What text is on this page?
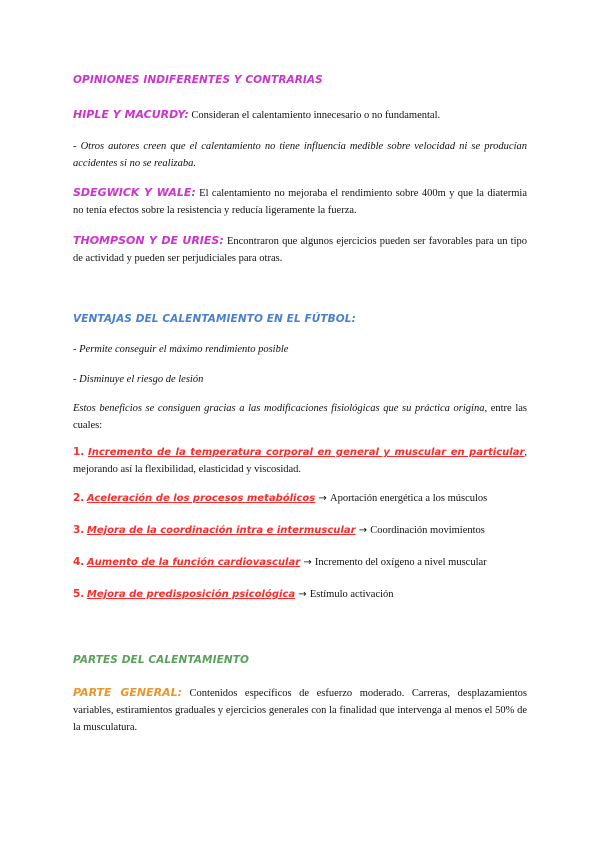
OPINIONES INDIFERENTES Y CONTRARIAS
HIPLE Y MACURDY: Consideran el calentamiento innecesario o no fundamental.
- Otros autores creen que el calentamiento no tiene influencia medible sobre velocidad ni se producían accidentes si no se realizaba.
SDEGWICK Y WALE: El calentamiento no mejoraba el rendimiento sobre 400m y que la diatermia no tenía efectos sobre la resistencia y reducía ligeramente la fuerza.
THOMPSON Y DE URIES: Encontraron que algunos ejercicios pueden ser favorables para un tipo de actividad y pueden ser perjudiciales para otras.
VENTAJAS DEL CALENTAMIENTO EN EL FÚTBOL:
- Permite conseguir el máximo rendimiento posible
- Disminuye el riesgo de lesión
Estos beneficios se consiguen gracias a las modificaciones fisiológicas que su práctica origina, entre las cuales:
1. Incremento de la temperatura corporal en general y muscular en particular, mejorando así la flexibilidad, elasticidad y viscosidad.
2. Aceleración de los procesos metabólicos → Aportación energética a los músculos
3. Mejora de la coordinación intra e intermuscular → Coordinación movimientos
4. Aumento de la función cardiovascular → Incremento del oxígeno a nivel muscular
5. Mejora de predisposición psicológica → Estímulo activación
PARTES DEL CALENTAMIENTO
PARTE GENERAL: Contenidos específicos de esfuerzo moderado. Carreras, desplazamientos variables, estiramientos graduales y ejercicios generales con la finalidad que intervenga al menos el 50% de la musculatura.
